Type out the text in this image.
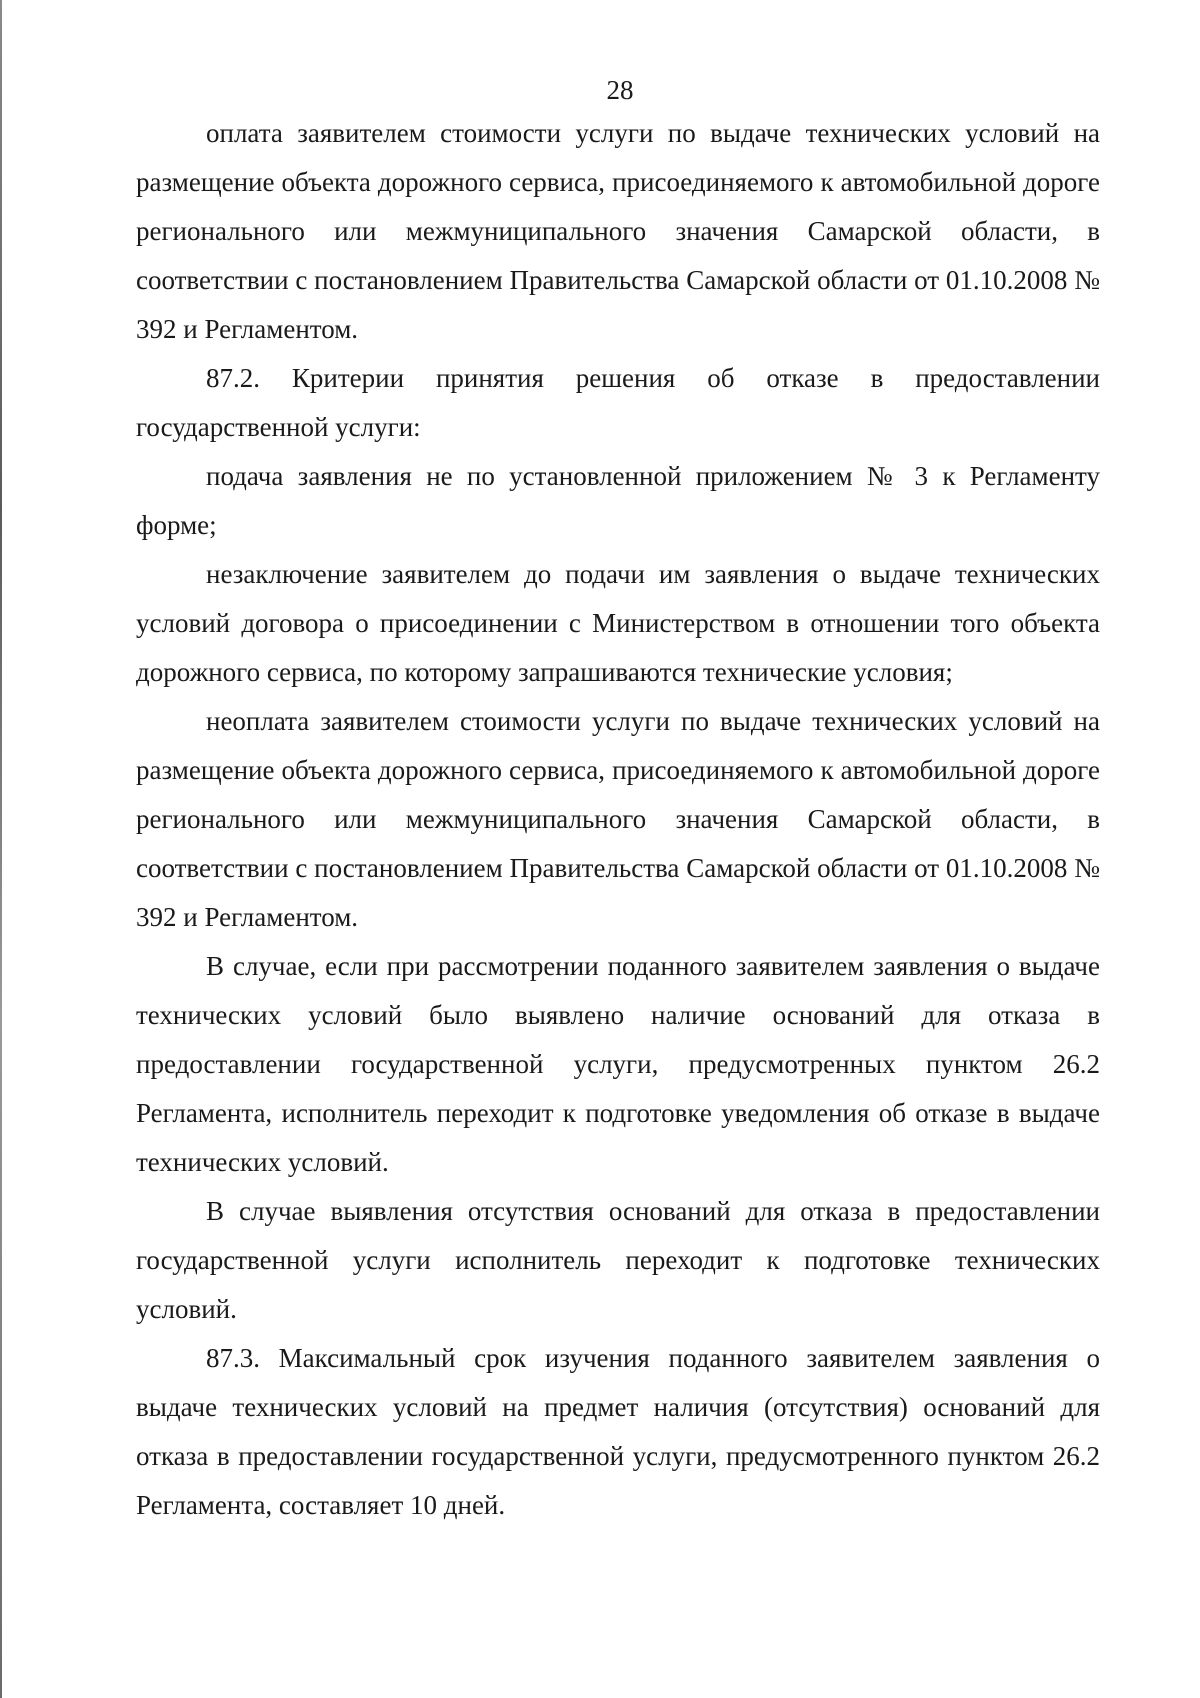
28

оплата заявителем стоимости услуги по выдаче технических условий на размещение объекта дорожного сервиса, присоединяемого к автомобильной дороге регионального или межмуниципального значения Самарской области, в соответствии с постановлением Правительства Самарской области от 01.10.2008 № 392 и Регламентом.

87.2. Критерии принятия решения об отказе в предоставлении государственной услуги:

подача заявления не по установленной приложением № 3 к Регламенту форме;

незаключение заявителем до подачи им заявления о выдаче технических условий договора о присоединении с Министерством в отношении того объекта дорожного сервиса, по которому запрашиваются технические условия;

неоплата заявителем стоимости услуги по выдаче технических условий на размещение объекта дорожного сервиса, присоединяемого к автомобильной дороге регионального или межмуниципального значения Самарской области, в соответствии с постановлением Правительства Самарской области от 01.10.2008 № 392 и Регламентом.

В случае, если при рассмотрении поданного заявителем заявления о выдаче технических условий было выявлено наличие оснований для отказа в предоставлении государственной услуги, предусмотренных пунктом 26.2 Регламента, исполнитель переходит к подготовке уведомления об отказе в выдаче технических условий.

В случае выявления отсутствия оснований для отказа в предоставлении государственной услуги исполнитель переходит к подготовке технических условий.

87.3. Максимальный срок изучения поданного заявителем заявления о выдаче технических условий на предмет наличия (отсутствия) оснований для отказа в предоставлении государственной услуги, предусмотренного пунктом 26.2 Регламента, составляет 10 дней.
